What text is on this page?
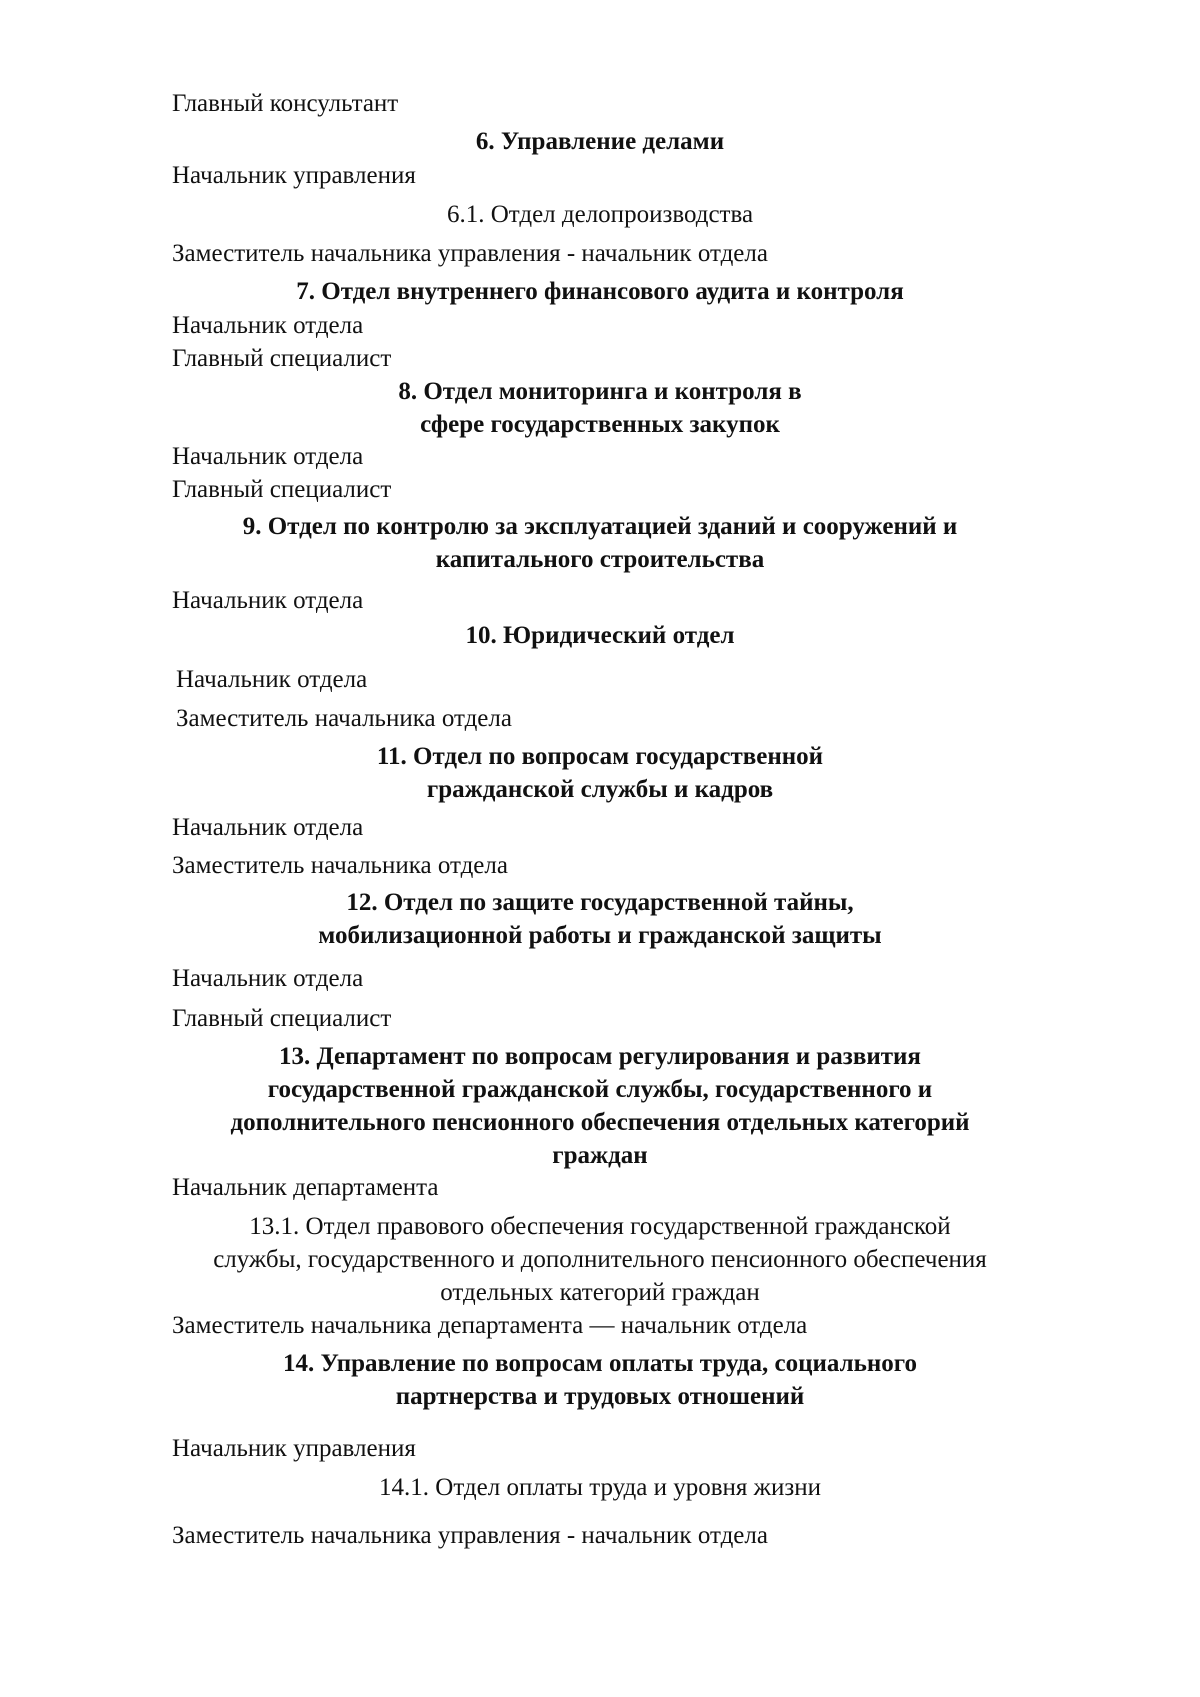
Главный консультант
6. Управление делами
Начальник управления
6.1. Отдел делопроизводства
Заместитель начальника управления - начальник отдела
7. Отдел внутреннего финансового аудита и контроля
Начальник отдела
Главный специалист
8. Отдел мониторинга и контроля в
сфере государственных закупок
Начальник отдела
Главный специалист
9. Отдел по контролю за эксплуатацией зданий и сооружений и
капитального строительства
Начальник отдела
10. Юридический отдел
Начальник отдела
Заместитель начальника отдела
11. Отдел по вопросам государственной
гражданской службы и кадров
Начальник отдела
Заместитель начальника отдела
12. Отдел по защите государственной тайны,
мобилизационной работы и гражданской защиты
Начальник отдела
Главный специалист
13. Департамент по вопросам регулирования и развития
государственной гражданской службы, государственного и
дополнительного пенсионного обеспечения отдельных категорий
граждан
Начальник департамента
13.1. Отдел правового обеспечения государственной гражданской
службы, государственного и дополнительного пенсионного обеспечения
отдельных категорий граждан
Заместитель начальника департамента — начальник отдела
14. Управление по вопросам оплаты труда, социального
партнерства и трудовых отношений
Начальник управления
14.1. Отдел оплаты труда и уровня жизни
Заместитель начальника управления - начальник отдела
